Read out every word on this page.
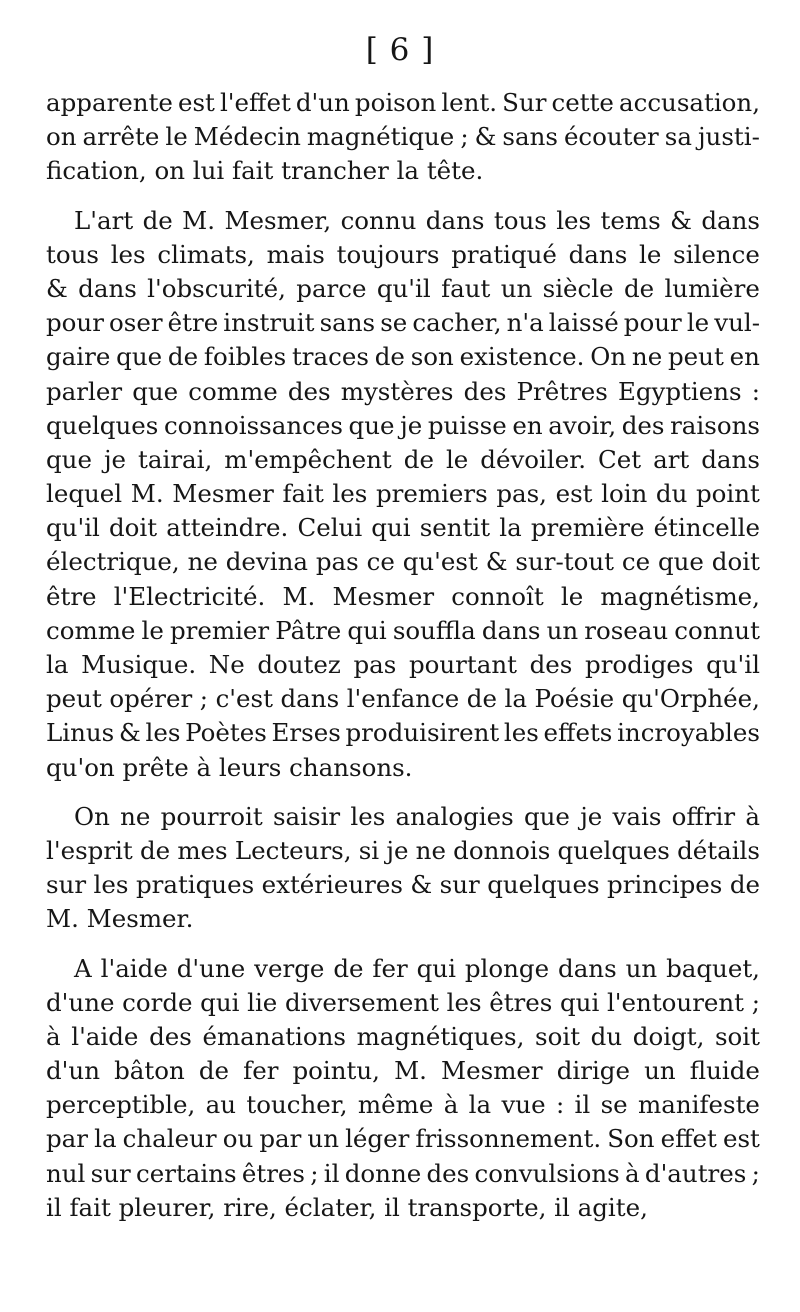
[ 6 ]
apparente est l'effet d'un poison lent. Sur cette accusation,
on arrête le Médecin magnétique ; & sans écouter sa justi-
fication, on lui fait trancher la tête.
L'art de M. Mesmer, connu dans tous les tems & dans
tous les climats, mais toujours pratiqué dans le silence
& dans l'obscurité, parce qu'il faut un siècle de lumière
pour oser être instruit sans se cacher, n'a laissé pour le vul-
gaire que de foibles traces de son existence. On ne peut en
parler que comme des mystères des Prêtres Egyptiens :
quelques connoissances que je puisse en avoir, des raisons
que je tairai, m'empêchent de le dévoiler. Cet art dans
lequel M. Mesmer fait les premiers pas, est loin du point
qu'il doit atteindre. Celui qui sentit la première étincelle
électrique, ne devina pas ce qu'est & sur-tout ce que doit
être l'Electricité. M. Mesmer connoît le magnétisme,
comme le premier Pâtre qui souffla dans un roseau connut
la Musique. Ne doutez pas pourtant des prodiges qu'il
peut opérer ; c'est dans l'enfance de la Poésie qu'Orphée,
Linus & les Poètes Erses produisirent les effets incroyables
qu'on prête à leurs chansons.
On ne pourroit saisir les analogies que je vais offrir à
l'esprit de mes Lecteurs, si je ne donnois quelques détails
sur les pratiques extérieures & sur quelques principes de
M. Mesmer.
A l'aide d'une verge de fer qui plonge dans un baquet,
d'une corde qui lie diversement les êtres qui l'entourent ;
à l'aide des émanations magnétiques, soit du doigt, soit
d'un bâton de fer pointu, M. Mesmer dirige un fluide
perceptible, au toucher, même à la vue : il se manifeste
par la chaleur ou par un léger frissonnement. Son effet est
nul sur certains êtres ; il donne des convulsions à d'autres ;
il fait pleurer, rire, éclater, il transporte, il agite,
